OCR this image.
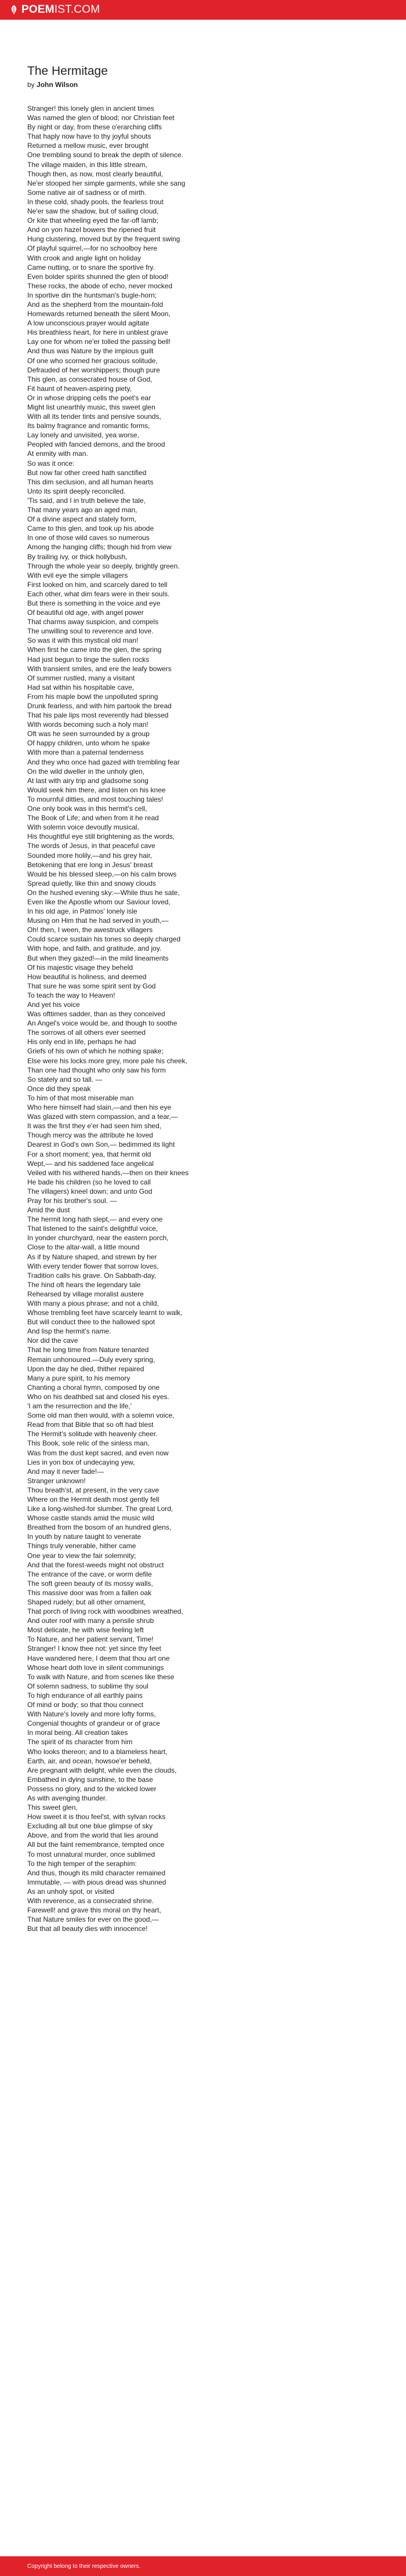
POEMIST.COM
The Hermitage
by John Wilson
Stranger! this lonely glen in ancient times
Was named the glen of blood; nor Christian feet
By night or day, from these o'erarching cliffs
That haply now have to thy joyful shouts
Returned a mellow music, ever brought
One trembling sound to break the depth of silence.
The village maiden, in this little stream,
Though then, as now, most clearly beautiful,
Ne'er stooped her simple garments, while she sang
Some native air of sadness or of mirth.
In these cold, shady pools, the fearless trout
Ne'er saw the shadow, but of sailing cloud,
Or kite that wheeling eyed the far-off lamb;
And on yon hazel bowers the ripened fruit
Hung clustering, moved but by the frequent swing
Of playful squirrel,—for no schoolboy here
With crook and angle light on holiday
Came nutting, or to snare the sportive fry.
Even bolder spirits shunned the glen of blood!
These rocks, the abode of echo, never mocked
In sportive din the huntsman's bugle-horn;
And as the shepherd from the mountain-fold
Homewards returned beneath the silent Moon,
A low unconscious prayer would agitate
His breathless heart, for here in unblest grave
Lay one for whom ne'er tolled the passing bell!
And thus was Nature by the impious guilt
Of one who scorned her gracious solitude,
Defrauded of her worshippers; though pure
This glen, as consecrated house of God,
Fit haunt of heaven-aspiring piety,
Or in whose dripping cells the poet's ear
Might list unearthly music, this sweet glen
With all its tender tints and pensive sounds,
Its balmy fragrance and romantic forms,
Lay lonely and unvisited, yea worse,
Peopled with fancied demons, and the brood
At enmity with man.
So was it once:
But now far other creed hath sanctified
This dim seclusion, and all human hearts
Unto its spirit deeply reconciled.
'Tis said, and I in truth believe the tale,
That many years ago an aged man,
Of a divine aspect and stately form,
Came to this glen, and took up his abode
In one of those wild caves so numerous
Among the hanging cliffs; though hid from view
By trailing ivy, or thick hollybush,
Through the whole year so deeply, brightly green.
With evil eye the simple villagers
First looked on him, and scarcely dared to tell
Each other, what dim fears were in their souls.
But there is something in the voice and eye
Of beautiful old age, with angel power
That charms away suspicion, and compels
The unwilling soul to reverence and love.
So was it with this mystical old man!
When first he came into the glen, the spring
Had just begun to tinge the sullen rocks
With transient smiles, and ere the leafy bowers
Of summer rustled, many a visitant
Had sat within his hospitable cave,
From his maple bowl the unpolluted spring
Drunk fearless, and with him partook the bread
That his pale lips most reverently had blessed
With words becoming such a holy man!
Oft was he seen surrounded by a group
Of happy children, unto whom he spake
With more than a paternal tenderness
And they who once had gazed with trembling fear
On the wild dweller in the unholy glen,
At last with airy trip and gladsome song
Would seek him there, and listen on his knee
To mournful ditties, and most touching tales!
One only book was in this hermit's cell,
The Book of Life; and when from it he read
With solemn voice devoutly musical,
His thoughtful eye still brightening as the words,
The words of Jesus, in that peaceful cave
Sounded more holily,—and his grey hair,
Betokening that ere long in Jesus' breast
Would be his blessed sleep,—on his calm brows
Spread quietly, like thin and snowy clouds
On the hushed evening sky:—While thus he sate,
Even like the Apostle whom our Saviour loved,
In his old age, in Patmos' lonely isle
Musing on Him that he had served in youth,—
Oh! then, I ween, the awestruck villagers
Could scarce sustain his tones so deeply charged
With hope, and faith, and gratitude, and joy.
But when they gazed!—in the mild lineaments
Of his majestic visage they beheld
How beautiful is holiness, and deemed
That sure he was some spirit sent by God
To teach the way to Heaven!
And yet his voice
Was ofttimes sadder, than as they conceived
An Angel's voice would be, and though to soothe
The sorrows of all others ever seemed
His only end in life, perhaps he had
Griefs of his own of which he nothing spake;
Else were his locks more grey, more pale his cheek,
Than one had thought who only saw his form
So stately and so tall. —
Once did they speak
To him of that most miserable man
Who here himself had slain,—and then his eye
Was glazed with stern compassion, and a tear,—
It was the first they e'er had seen him shed,
Though mercy was the attribute he loved
Dearest in God's own Son,— bedimmed its light
For a short moment; yea, that hermit old
Wept,— and his saddened face angelical
Veiled with his withered hands,—then on their knees
He bade his children (so he loved to call
The villagers) kneel down; and unto God
Pray for his brother's soul. —
Amid the dust
The hermit long hath slept,— and every one
That listened to the saint's delightful voice,
In yonder churchyard, near the eastern porch,
Close to the altar-wall, a little mound
As if by Nature shaped, and strewn by her
With every tender flower that sorrow loves,
Tradition calls his grave. On Sabbath-day,
The hind oft hears the legendary tale
Rehearsed by village moralist austere
With many a pious phrase; and not a child,
Whose trembling feet have scarcely learnt to walk,
But will conduct thee to the hallowed spot
And lisp the hermit's name.
Nor did the cave
That he long time from Nature tenanted
Remain unhonoured.—Duly every spring,
Upon the day he died, thither repaired
Many a pure spirit, to his memory
Chanting a choral hymn, composed by one
Who on his deathbed sat and closed his eyes.
'I am the resurrection and the life,'
Some old man then would, with a solemn voice,
Read from that Bible that so oft had blest
The Hermit's solitude with heavenly cheer.
This Book, sole relic of the sinless man,
Was from the dust kept sacred, and even now
Lies in yon box of undecaying yew,
And may it never fade!—
Stranger unknown!
Thou breath'st, at present, in the very cave
Where on the Hermit death most gently fell
Like a long-wished-for slumber. The great Lord,
Whose castle stands amid the music wild
Breathed from the bosom of an hundred glens,
In youth by nature taught to venerate
Things truly venerable, hither came
One year to view the fair solemnity;
And that the forest-weeds might not obstruct
The entrance of the cave, or worm defile
The soft green beauty of its mossy walls,
This massive door was from a fallen oak
Shaped rudely; but all other ornament,
That porch of living rock with woodbines wreathed,
And outer roof with many a pensile shrub
Most delicate, he with wise feeling left
To Nature, and her patient servant, Time!
Stranger! I know thee not: yet since thy feet
Have wandered here, I deem that thou art one
Whose heart doth love in silent communings
To walk with Nature, and from scenes like these
Of solemn sadness, to sublime thy soul
To high endurance of all earthly pains
Of mind or body; so that thou connect
With Nature's lovely and more lofty forms,
Congenial thoughts of grandeur or of grace
In moral being. All creation takes
The spirit of its character from him
Who looks thereon; and to a blameless heart,
Earth, air, and ocean, howsoe'er beheld,
Are pregnant with delight, while even the clouds,
Embathed in dying sunshine, to the base
Possess no glory, and to the wicked lower
As with avenging thunder.
This sweet glen,
How sweet it is thou feel'st, with sylvan rocks
Excluding all but one blue glimpse of sky
Above, and from the world that lies around
All but the faint remembrance, tempted once
To most unnatural murder, once sublimed
To the high temper of the seraphim:
And thus, though its mild character remained
Immutable, — with pious dread was shunned
As an unholy spot, or visited
With reverence, as a consecrated shrine.
Farewell! and grave this moral on thy heart,
That Nature smiles for ever on the good,—
But that all beauty dies with innocence!
Copyright belong to their respective owners.
